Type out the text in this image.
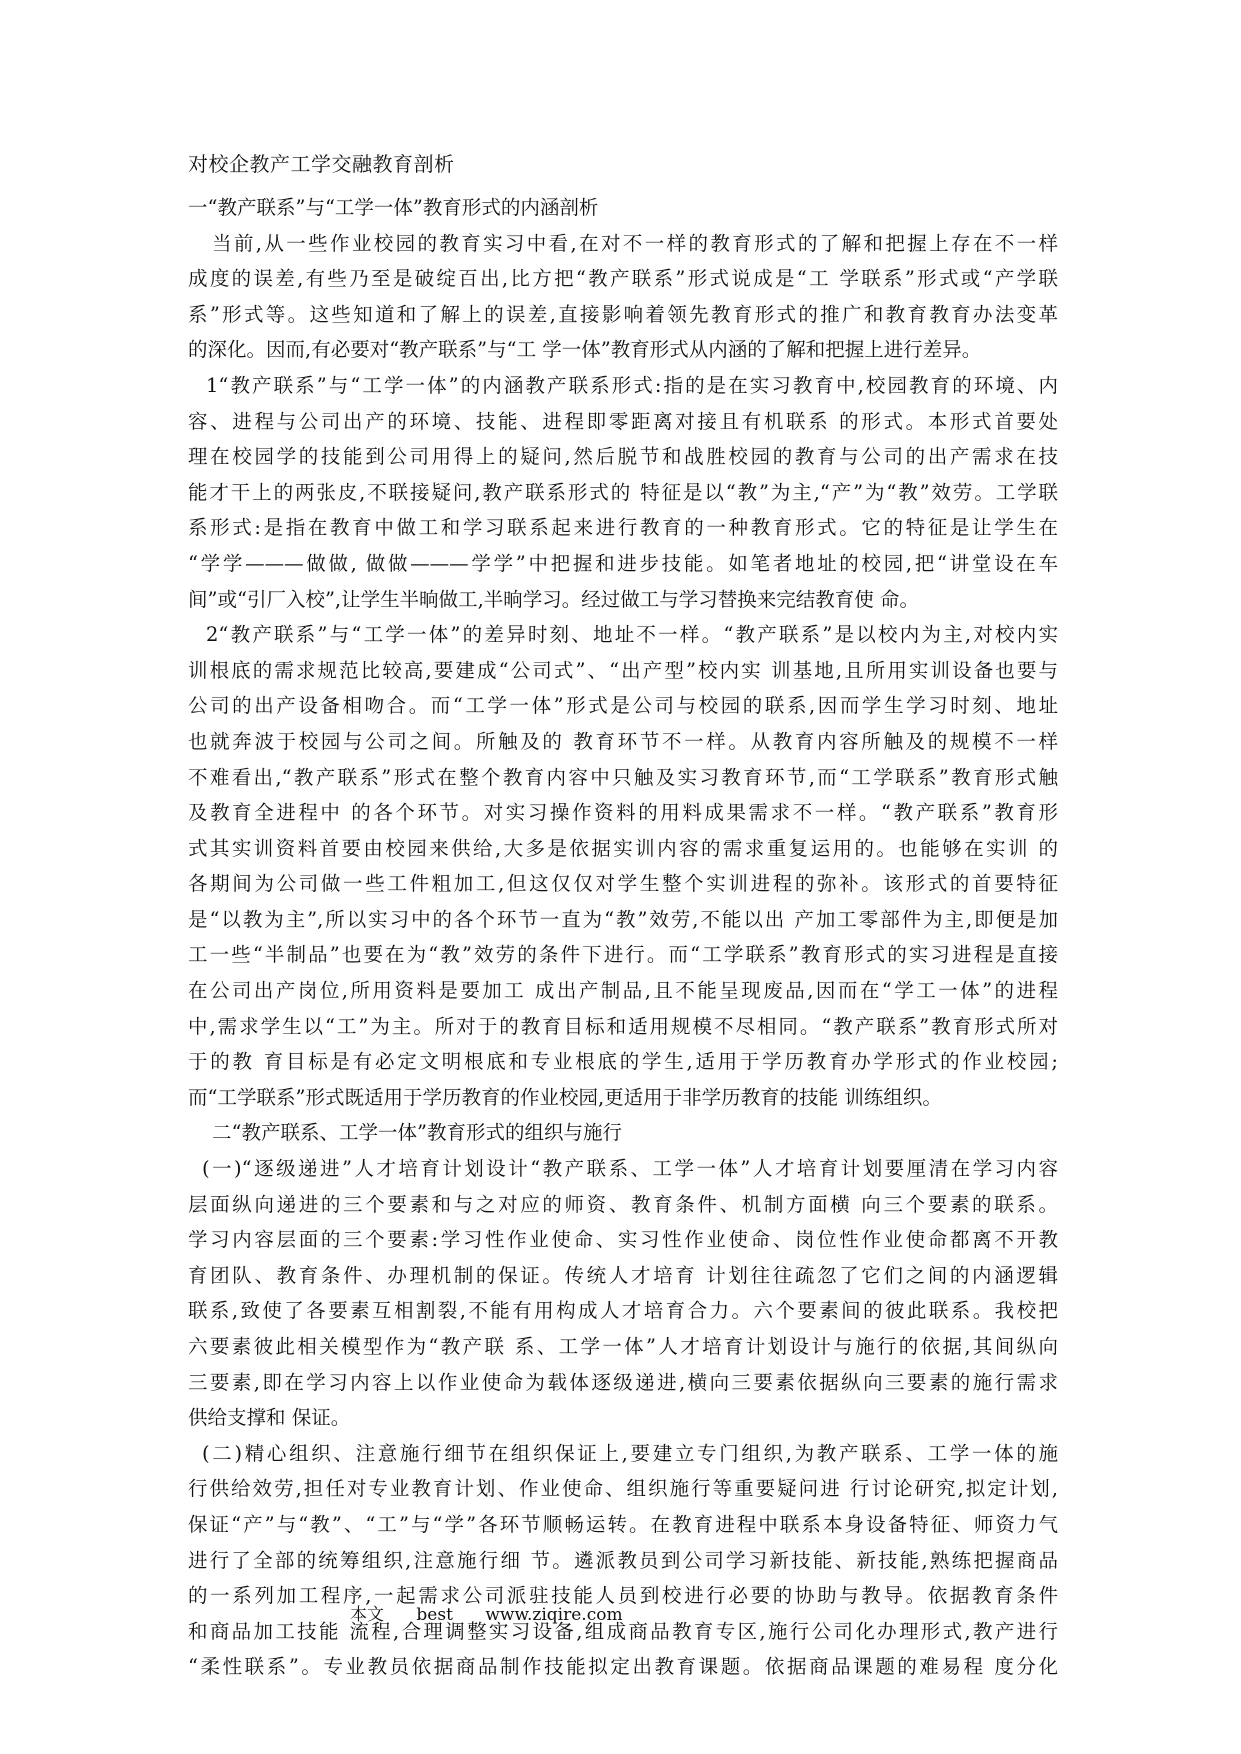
对校企教产工学交融教育剖析
一“教产联系”与“工学一体”教育形式的内涵剖析
当前,从一些作业校园的教育实习中看,在对不一样的教育形式的了解和把握上存在不一样
成度的误差,有些乃至是破绽百出,比方把“教产联系”形式说成是“工 学联系”形式或“产学联
系”形式等。这些知道和了解上的误差,直接影响着领先教育形式的推广和教育教育办法变革
的深化。因而,有必要对“教产联系”与“工 学一体”教育形式从内涵的了解和把握上进行差异。
1“教产联系”与“工学一体”的内涵教产联系形式:指的是在实习教育中,校园教育的环境、内
容、进程与公司出产的环境、技能、进程即零距离对接且有机联系 的形式。本形式首要处
理在校园学的技能到公司用得上的疑问,然后脱节和战胜校园的教育与公司的出产需求在技
能才干上的两张皮,不联接疑问,教产联系形式的 特征是以“教”为主,“产”为“教”效劳。工学联
系形式:是指在教育中做工和学习联系起来进行教育的一种教育形式。它的特征是让学生在
“学学———做做, 做做———学学”中把握和进步技能。如笔者地址的校园,把“讲堂设在车
间”或“引厂入校”,让学生半晌做工,半晌学习。经过做工与学习替换来完结教育使 命。
2“教产联系”与“工学一体”的差异时刻、地址不一样。“教产联系”是以校内为主,对校内实
训根底的需求规范比较高,要建成“公司式”、“出产型”校内实 训基地,且所用实训设备也要与
公司的出产设备相吻合。而“工学一体”形式是公司与校园的联系,因而学生学习时刻、地址
也就奔波于校园与公司之间。所触及的 教育环节不一样。从教育内容所触及的规模不一样
不难看出,“教产联系”形式在整个教育内容中只触及实习教育环节,而“工学联系”教育形式触
及教育全进程中 的各个环节。对实习操作资料的用料成果需求不一样。“教产联系”教育形
式其实训资料首要由校园来供给,大多是依据实训内容的需求重复运用的。也能够在实训 的
各期间为公司做一些工件粗加工,但这仅仅对学生整个实训进程的弥补。该形式的首要特征
是“以教为主”,所以实习中的各个环节一直为“教”效劳,不能以出 产加工零部件为主,即便是加
工一些“半制品”也要在为“教”效劳的条件下进行。而“工学联系”教育形式的实习进程是直接
在公司出产岗位,所用资料是要加工 成出产制品,且不能呈现废品,因而在“学工一体”的进程
中,需求学生以“工”为主。所对于的教育目标和适用规模不尽相同。“教产联系”教育形式所对
于的教 育目标是有必定文明根底和专业根底的学生,适用于学历教育办学形式的作业校园;
而“工学联系”形式既适用于学历教育的作业校园,更适用于非学历教育的技能 训练组织。
二“教产联系、工学一体”教育形式的组织与施行
(一)“逐级递进”人才培育计划设计“教产联系、工学一体”人才培育计划要厘清在学习内容
层面纵向递进的三个要素和与之对应的师资、教育条件、机制方面横 向三个要素的联系。
学习内容层面的三个要素:学习性作业使命、实习性作业使命、岗位性作业使命都离不开教
育团队、教育条件、办理机制的保证。传统人才培育 计划往往疏忽了它们之间的内涵逻辑
联系,致使了各要素互相割裂,不能有用构成人才培育合力。六个要素间的彼此联系。我校把
六要素彼此相关模型作为“教产联 系、工学一体”人才培育计划设计与施行的依据,其间纵向
三要素,即在学习内容上以作业使命为载体逐级递进,横向三要素依据纵向三要素的施行需求
供给支撑和 保证。
(二)精心组织、注意施行细节在组织保证上,要建立专门组织,为教产联系、工学一体的施
行供给效劳,担任对专业教育计划、作业使命、组织施行等重要疑问进 行讨论研究,拟定计划,
保证“产”与“教”、“工”与“学”各环节顺畅运转。在教育进程中联系本身设备特征、师资力气
进行了全部的统筹组织,注意施行细 节。遴派教员到公司学习新技能、新技能,熟练把握商品
的一系列加工程序,一起需求公司派驻技能人员到校进行必要的协助与教导。依据教育条件
和商品加工技能 流程,合理调整实习设备,组成商品教育专区,施行公司化办理形式,教产进行
“柔性联系”。专业教员依据商品制作技能拟定出教育课题。依据商品课题的难易程 度分化
本文      best      www.ziqire.com
